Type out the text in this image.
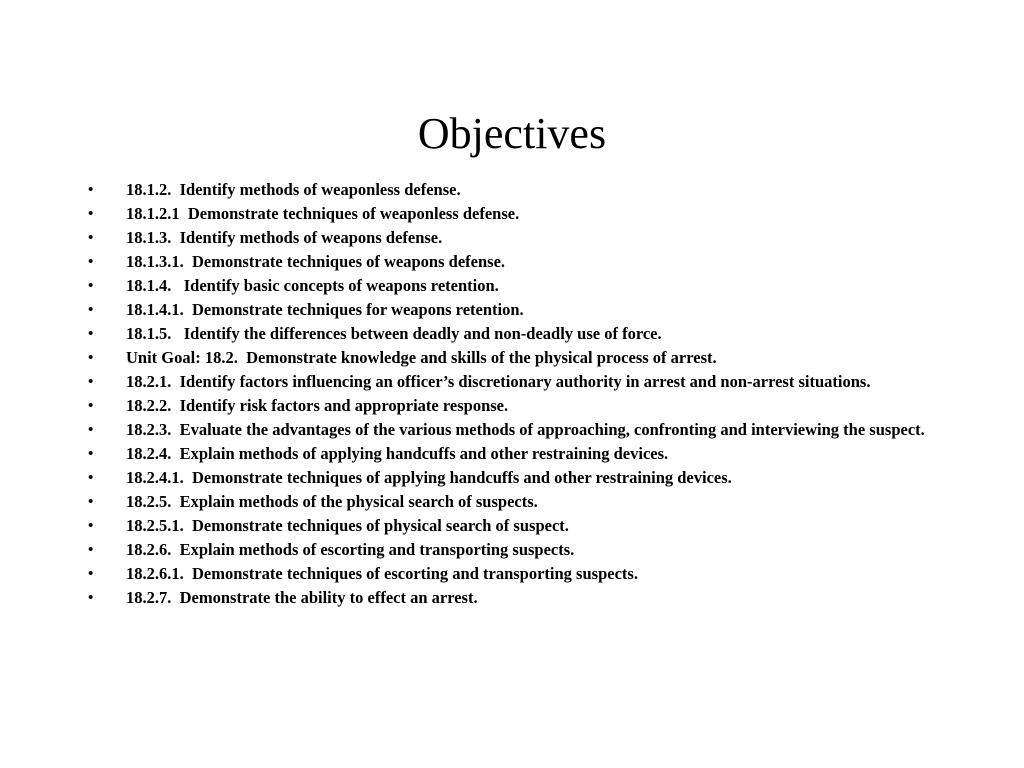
Objectives
•	18.1.2.  Identify methods of weaponless defense.
•	18.1.2.1  Demonstrate techniques of weaponless defense.
•	18.1.3.  Identify methods of weapons defense.
•	18.1.3.1.  Demonstrate techniques of weapons defense.
•	18.1.4.   Identify basic concepts of weapons retention.
•	18.1.4.1.  Demonstrate techniques for weapons retention.
•	18.1.5.   Identify the differences between deadly and non-deadly use of force.
•	Unit Goal: 18.2.  Demonstrate knowledge and skills of the physical process of arrest.
•	18.2.1.  Identify factors influencing an officer’s discretionary authority in arrest and non-arrest situations.
•	18.2.2.  Identify risk factors and appropriate response.
•	18.2.3.  Evaluate the advantages of the various methods of approaching, confronting and interviewing the suspect.
•	18.2.4.  Explain methods of applying handcuffs and other restraining devices.
•	18.2.4.1.  Demonstrate techniques of applying handcuffs and other restraining devices.
•	18.2.5.  Explain methods of the physical search of suspects.
•	18.2.5.1.  Demonstrate techniques of physical search of suspect.
•	18.2.6.  Explain methods of escorting and transporting suspects.
•	18.2.6.1.  Demonstrate techniques of escorting and transporting suspects.
•	18.2.7.  Demonstrate the ability to effect an arrest.
